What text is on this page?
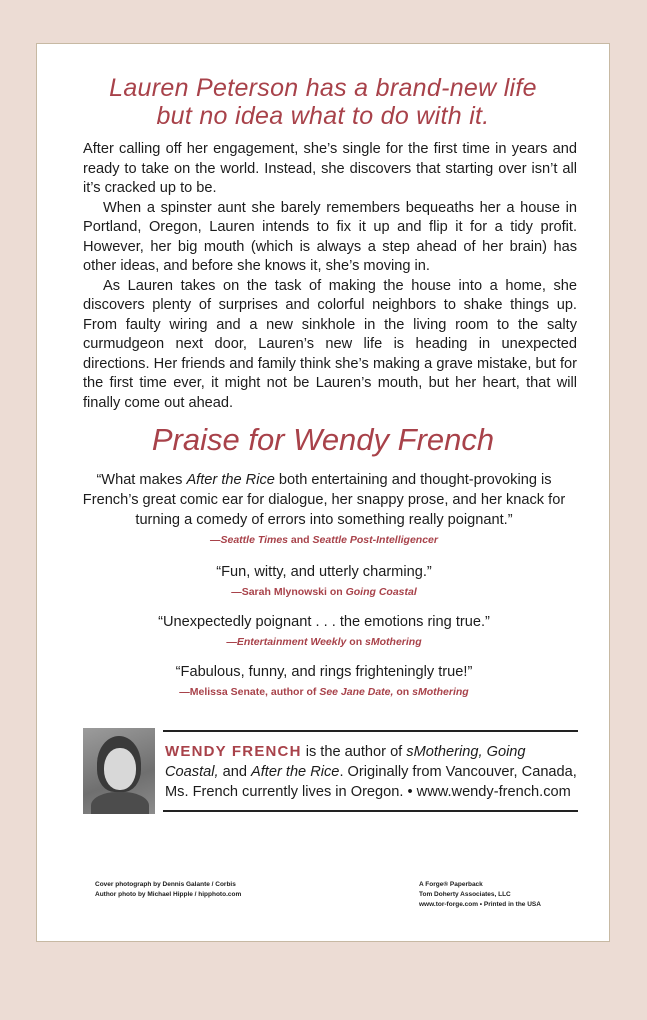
Lauren Peterson has a brand-new life
but no idea what to do with it.

After calling off her engagement, she’s single for the first time in years and ready to take on the world. Instead, she discovers that starting over isn’t all it’s cracked up to be.

When a spinster aunt she barely remembers bequeaths her a house in Portland, Oregon, Lauren intends to fix it up and flip it for a tidy profit. However, her big mouth (which is always a step ahead of her brain) has other ideas, and before she knows it, she’s moving in.

As Lauren takes on the task of making the house into a home, she discovers plenty of surprises and colorful neighbors to shake things up. From faulty wiring and a new sinkhole in the living room to the salty curmudgeon next door, Lauren’s new life is heading in unexpected directions. Her friends and family think she’s making a grave mistake, but for the first time ever, it might not be Lauren’s mouth, but her heart, that will finally come out ahead.

Praise for Wendy French
“What makes After the Rice both entertaining and thought-provoking is French’s great comic ear for dialogue, her snappy prose, and her knack for turning a comedy of errors into something really poignant.”
—Seattle Times and Seattle Post-Intelligencer
“Fun, witty, and utterly charming.”
—Sarah Mlynowski on Going Coastal
“Unexpectedly poignant . . . the emotions ring true.”
—Entertainment Weekly on sMothering
“Fabulous, funny, and rings frighteningly true!”
—Melissa Senate, author of See Jane Date, on sMothering
WENDY FRENCH is the author of sMothering, Going Coastal, and After the Rice. Originally from Vancouver, Canada, Ms. French currently lives in Oregon. • www.wendy-french.com
Cover photograph by Dennis Galante / Corbis
Author photo by Michael Hipple / hipphoto.com
A Forge® Paperback
Tom Doherty Associates, LLC
www.tor-forge.com • Printed in the USA
